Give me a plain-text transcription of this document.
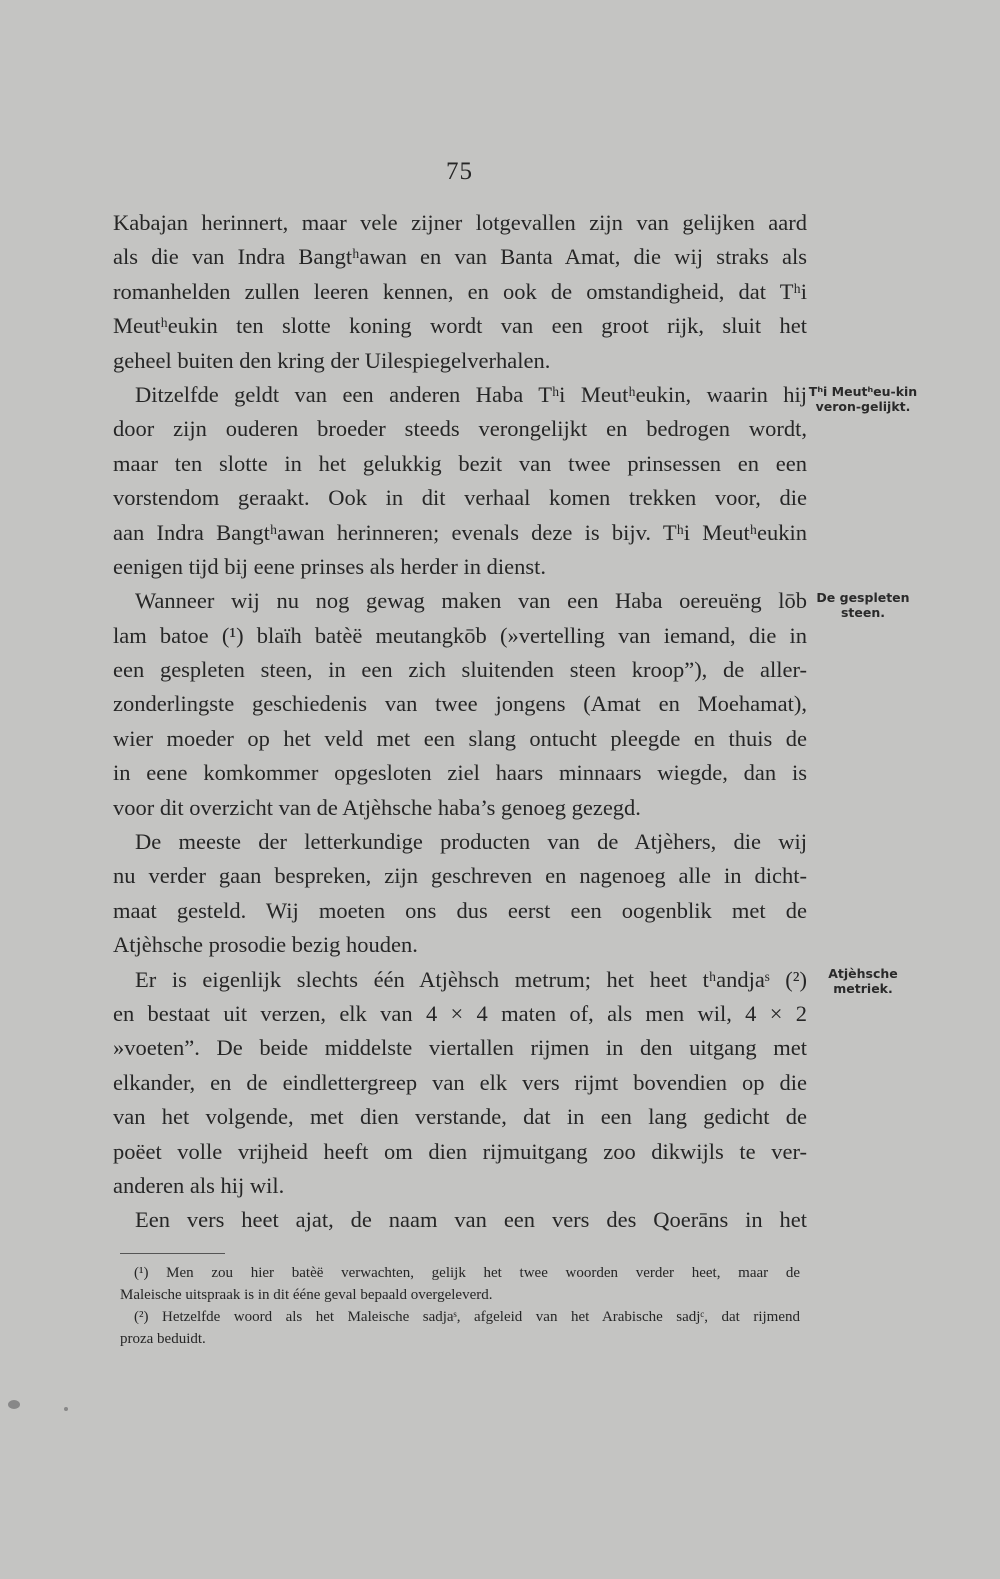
75
Kabajan herinnert, maar vele zijner lotgevallen zijn van gelijken aard
als die van Indra Bangtʰawan en van Banta Amat, die wij straks als
romanhelden zullen leeren kennen, en ook de omstandigheid, dat Tʰi
Meutʰeukin ten slotte koning wordt van een groot rijk, sluit het
geheel buiten den kring der Uilespiegelverhalen.
Ditzelfde geldt van een anderen Haba Tʰi Meutʰeukin, waarin hij
door zijn ouderen broeder steeds verongelijkt en bedrogen wordt,
maar ten slotte in het gelukkig bezit van twee prinsessen en een
vorstendom geraakt. Ook in dit verhaal komen trekken voor, die
aan Indra Bangtʰawan herinneren; evenals deze is bijv. Tʰi Meutʰeukin
eenigen tijd bij eene prinses als herder in dienst.
Wanneer wij nu nog gewag maken van een Haba oereuëng lōb
lam batoe (¹) blaïh batèë meutangkōb (»vertelling van iemand, die in
een gespleten steen, in een zich sluitenden steen kroop”), de aller-
zonderlingste geschiedenis van twee jongens (Amat en Moehamat),
wier moeder op het veld met een slang ontucht pleegde en thuis de
in eene komkommer opgesloten ziel haars minnaars wiegde, dan is
voor dit overzicht van de Atjèhsche haba’s genoeg gezegd.
De meeste der letterkundige producten van de Atjèhers, die wij
nu verder gaan bespreken, zijn geschreven en nagenoeg alle in dicht-
maat gesteld. Wij moeten ons dus eerst een oogenblik met de
Atjèhsche prosodie bezig houden.
Er is eigenlijk slechts één Atjèhsch metrum; het heet tʰandjaˢ (²)
en bestaat uit verzen, elk van 4 × 4 maten of, als men wil, 4 × 2
»voeten”. De beide middelste viertallen rijmen in den uitgang met
elkander, en de eindlettergreep van elk vers rijmt bovendien op die
van het volgende, met dien verstande, dat in een lang gedicht de
poëet volle vrijheid heeft om dien rijmuitgang zoo dikwijls te ver-
anderen als hij wil.
Een vers heet ajat, de naam van een vers des Qoerāns in het
Tʰi Meutʰeu-kin veron-gelijkt.
De gespleten steen.
Atjèhsche metriek.
(¹) Men zou hier batèë verwachten, gelijk het twee woorden verder heet, maar de
Maleische uitspraak is in dit ééne geval bepaald overgeleverd.
(²) Hetzelfde woord als het Maleische sadjaˢ, afgeleid van het Arabische sadjᶜ, dat rijmend
proza beduidt.
